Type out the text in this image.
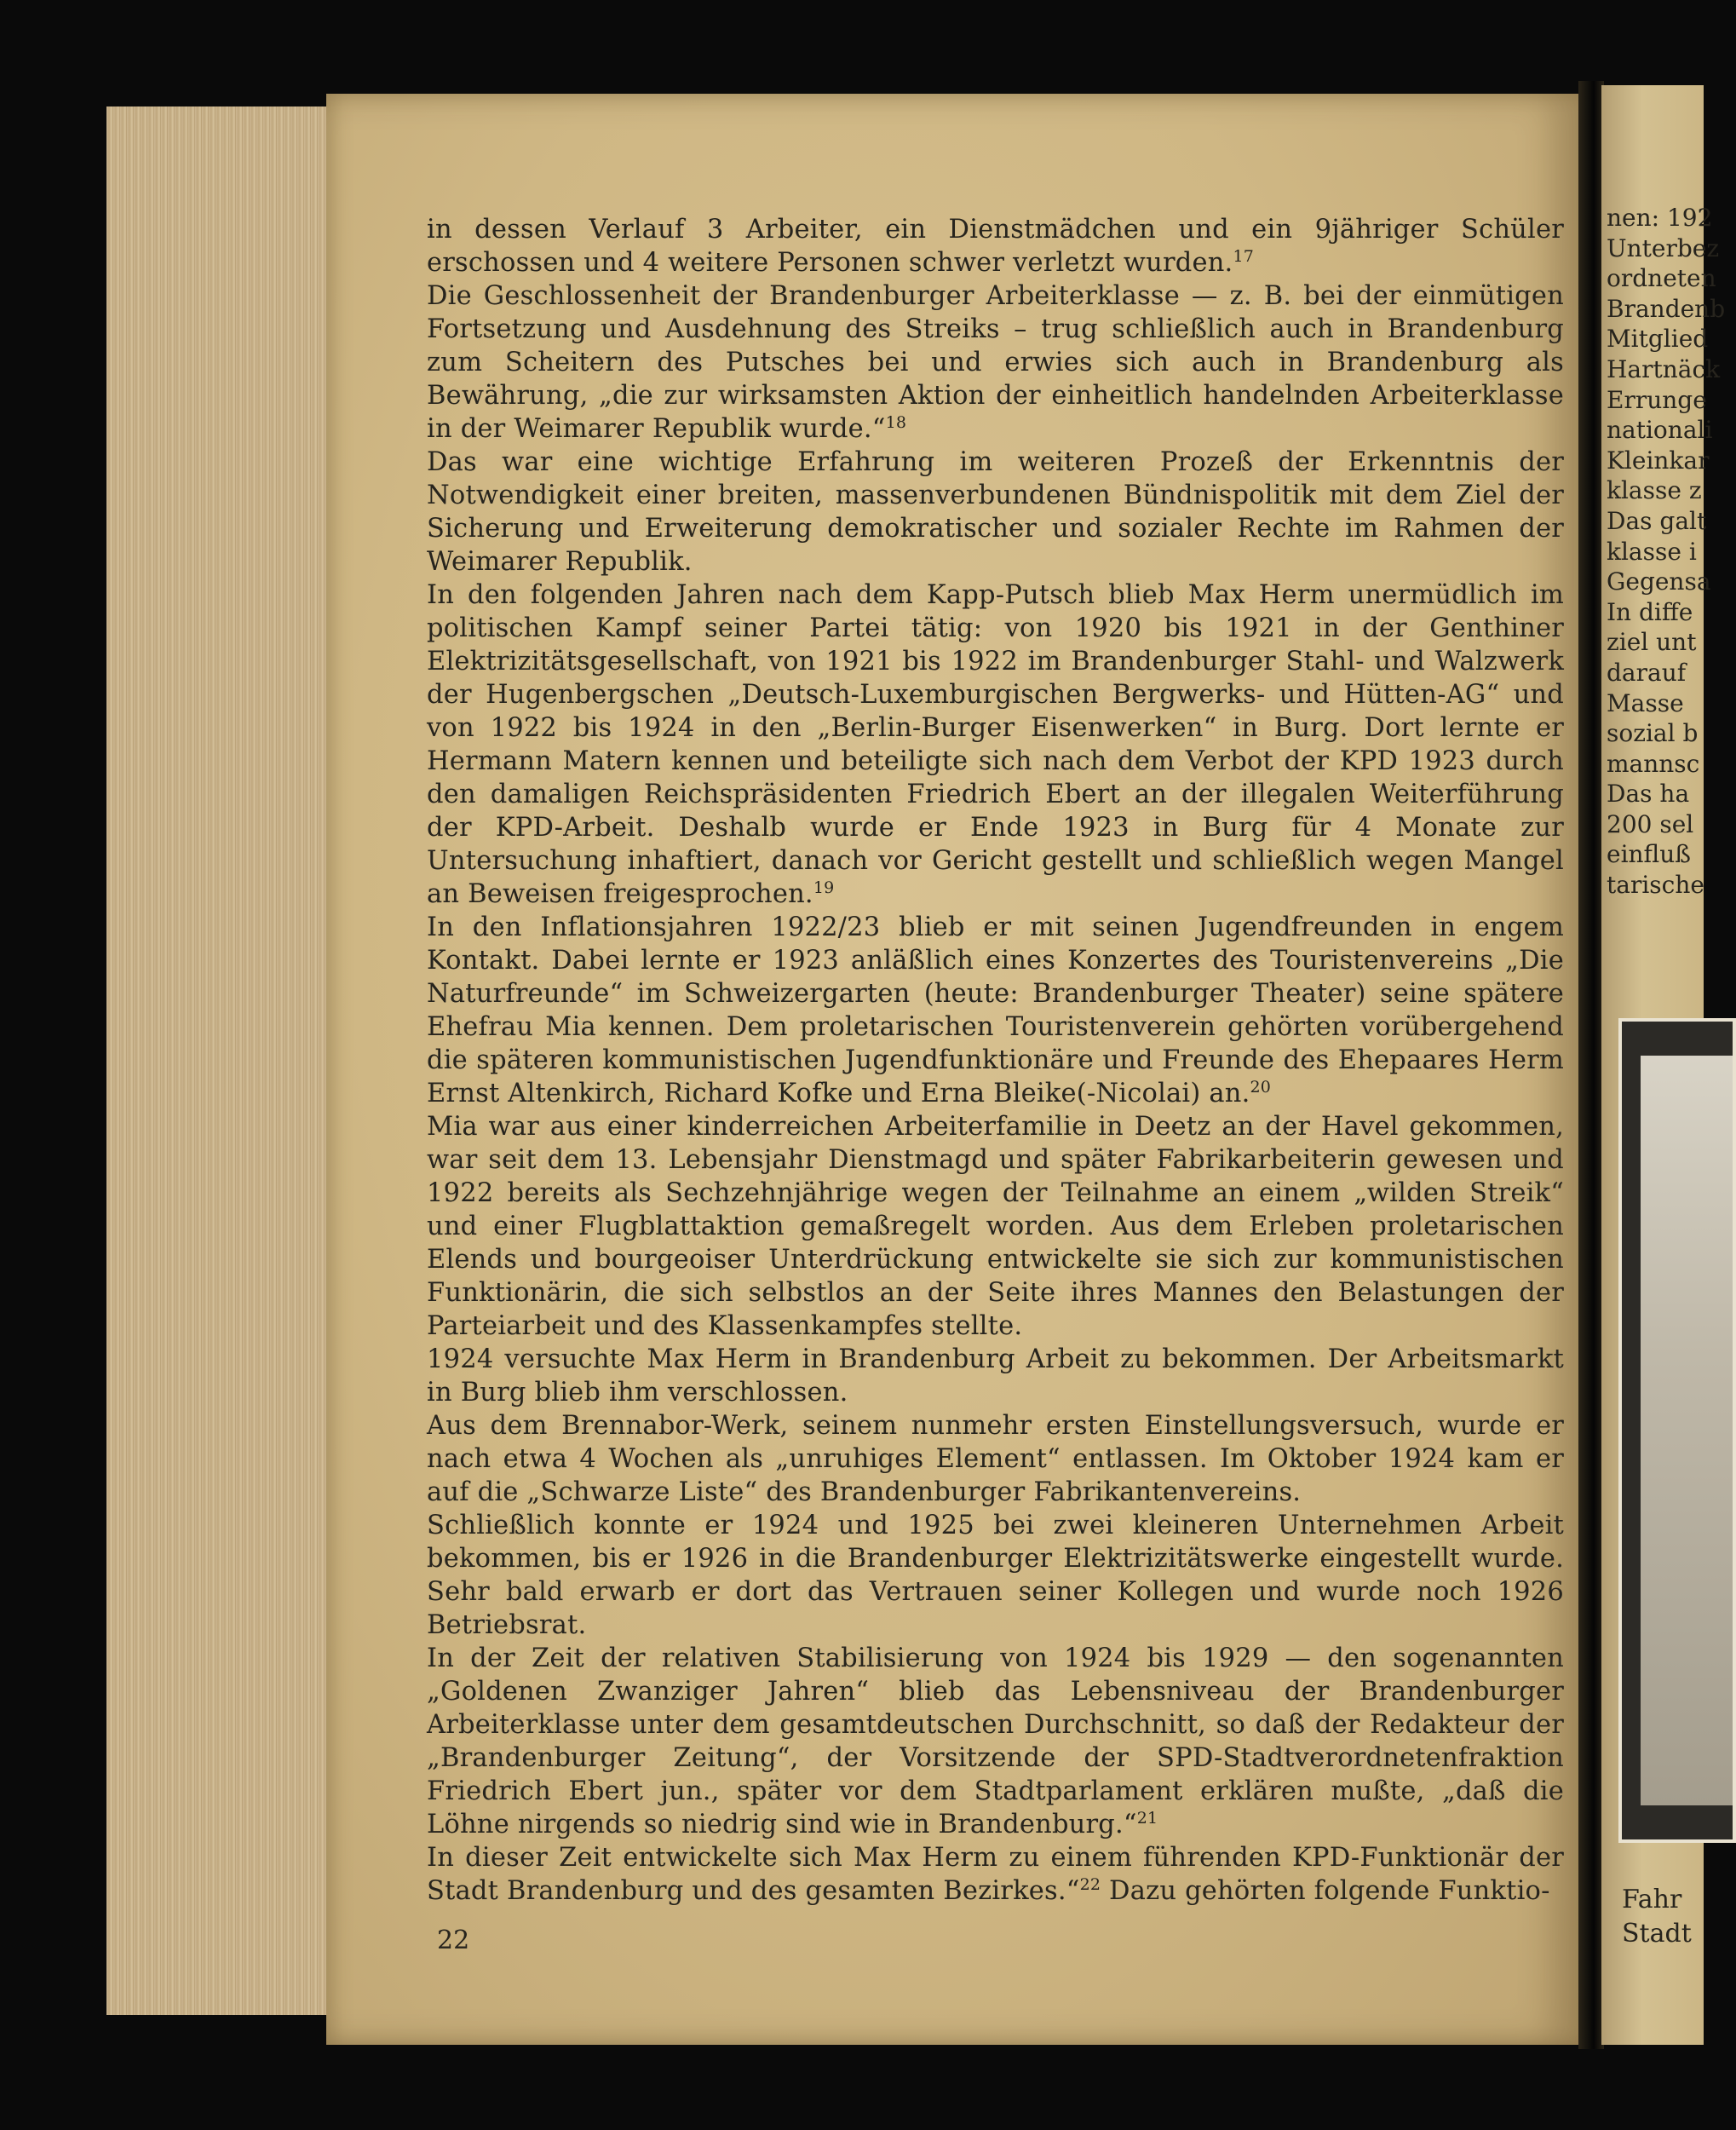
in dessen Verlauf 3 Arbeiter, ein Dienstmädchen und ein 9jähriger Schüler erschossen und 4 weitere Personen schwer verletzt wurden.$^{17}$

Die Geschlossenheit der Brandenburger Arbeiterklasse — z. B. bei der einmütigen Fortsetzung und Ausdehnung des Streiks – trug schließlich auch in Brandenburg zum Scheitern des Putsches bei und erwies sich auch in Brandenburg als Bewährung, „die zur wirksamsten Aktion der einheitlich handelnden Arbeiterklasse in der Weimarer Republik wurde.“$^{18}$

Das war eine wichtige Erfahrung im weiteren Prozeß der Erkenntnis der Notwendigkeit einer breiten, massenverbundenen Bündnispolitik mit dem Ziel der Sicherung und Erweiterung demokratischer und sozialer Rechte im Rahmen der Weimarer Republik.

In den folgenden Jahren nach dem Kapp-Putsch blieb Max Herm unermüdlich im politischen Kampf seiner Partei tätig: von 1920 bis 1921 in der Genthiner Elektrizitätsgesellschaft, von 1921 bis 1922 im Brandenburger Stahl- und Walzwerk der Hugenbergschen „Deutsch-Luxemburgischen Bergwerks- und Hütten-AG“ und von 1922 bis 1924 in den „Berlin-Burger Eisenwerken“ in Burg. Dort lernte er Hermann Matern kennen und beteiligte sich nach dem Verbot der KPD 1923 durch den damaligen Reichspräsidenten Friedrich Ebert an der illegalen Weiterführung der KPD-Arbeit. Deshalb wurde er Ende 1923 in Burg für 4 Monate zur Untersuchung inhaftiert, danach vor Gericht gestellt und schließlich wegen Mangel an Beweisen freigesprochen.$^{19}$

In den Inflationsjahren 1922/23 blieb er mit seinen Jugendfreunden in engem Kontakt. Dabei lernte er 1923 anläßlich eines Konzertes des Touristenvereins „Die Naturfreunde“ im Schweizergarten (heute: Brandenburger Theater) seine spätere Ehefrau Mia kennen. Dem proletarischen Touristenverein gehörten vorübergehend die späteren kommunistischen Jugendfunktionäre und Freunde des Ehepaares Herm Ernst Altenkirch, Richard Kofke und Erna Bleike(-Nicolai) an.$^{20}$

Mia war aus einer kinderreichen Arbeiterfamilie in Deetz an der Havel gekommen, war seit dem 13. Lebensjahr Dienstmagd und später Fabrikarbeiterin gewesen und 1922 bereits als Sechzehnjährige wegen der Teilnahme an einem „wilden Streik“ und einer Flugblattaktion gemaßregelt worden. Aus dem Erleben proletarischen Elends und bourgeoiser Unterdrückung entwickelte sie sich zur kommunistischen Funktionärin, die sich selbstlos an der Seite ihres Mannes den Belastungen der Parteiarbeit und des Klassenkampfes stellte.

1924 versuchte Max Herm in Brandenburg Arbeit zu bekommen. Der Arbeitsmarkt in Burg blieb ihm verschlossen.

Aus dem Brennabor-Werk, seinem nunmehr ersten Einstellungsversuch, wurde er nach etwa 4 Wochen als „unruhiges Element“ entlassen. Im Oktober 1924 kam er auf die „Schwarze Liste“ des Brandenburger Fabrikantenvereins.

Schließlich konnte er 1924 und 1925 bei zwei kleineren Unternehmen Arbeit bekommen, bis er 1926 in die Brandenburger Elektrizitätswerke eingestellt wurde. Sehr bald erwarb er dort das Vertrauen seiner Kollegen und wurde noch 1926 Betriebsrat.

In der Zeit der relativen Stabilisierung von 1924 bis 1929 — den sogenannten „Goldenen Zwanziger Jahren“ blieb das Lebensniveau der Brandenburger Arbeiterklasse unter dem gesamtdeutschen Durchschnitt, so daß der Redakteur der „Brandenburger Zeitung“, der Vorsitzende der SPD-Stadtverordnetenfraktion Friedrich Ebert jun., später vor dem Stadtparlament erklären mußte, „daß die Löhne nirgends so niedrig sind wie in Brandenburg.“$^{21}$

In dieser Zeit entwickelte sich Max Herm zu einem führenden KPD-Funktionär der Stadt Brandenburg und des gesamten Bezirkes.“$^{22}$ Dazu gehörten folgende Funktio-

22
nen: 192
Unterbez
ordneten
Brandenb
Mitglied
Hartnäck
Errunge
nationali
Kleinkar
klasse z
Das galt
klasse i
Gegensa
In diffe
ziel unt
darauf
Masse
sozial b
mannsc
Das ha
200 sel
einfluß
tarische
Fahr
Stadt
